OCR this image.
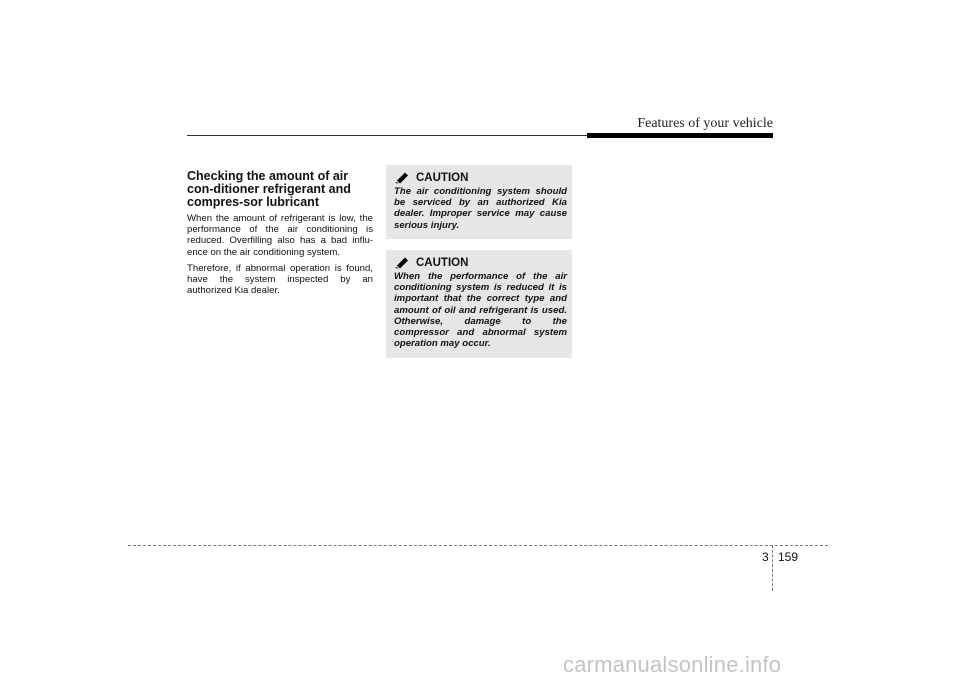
Features of your vehicle
Checking the amount of air con-ditioner refrigerant and compres-sor lubricant

When the amount of refrigerant is low, the performance of the air conditioning is reduced. Overfilling also has a bad influ-ence on the air conditioning system.

Therefore, if abnormal operation is found, have the system inspected by an authorized Kia dealer.

CAUTION

The air conditioning system should be serviced by an authorized Kia dealer. Improper service may cause serious injury.

CAUTION

When the performance of the air conditioning system is reduced it is important that the correct type and amount of oil and refrigerant is used. Otherwise, damage to the compressor and abnormal system operation may occur.

3 159
carmanualsonline.info
